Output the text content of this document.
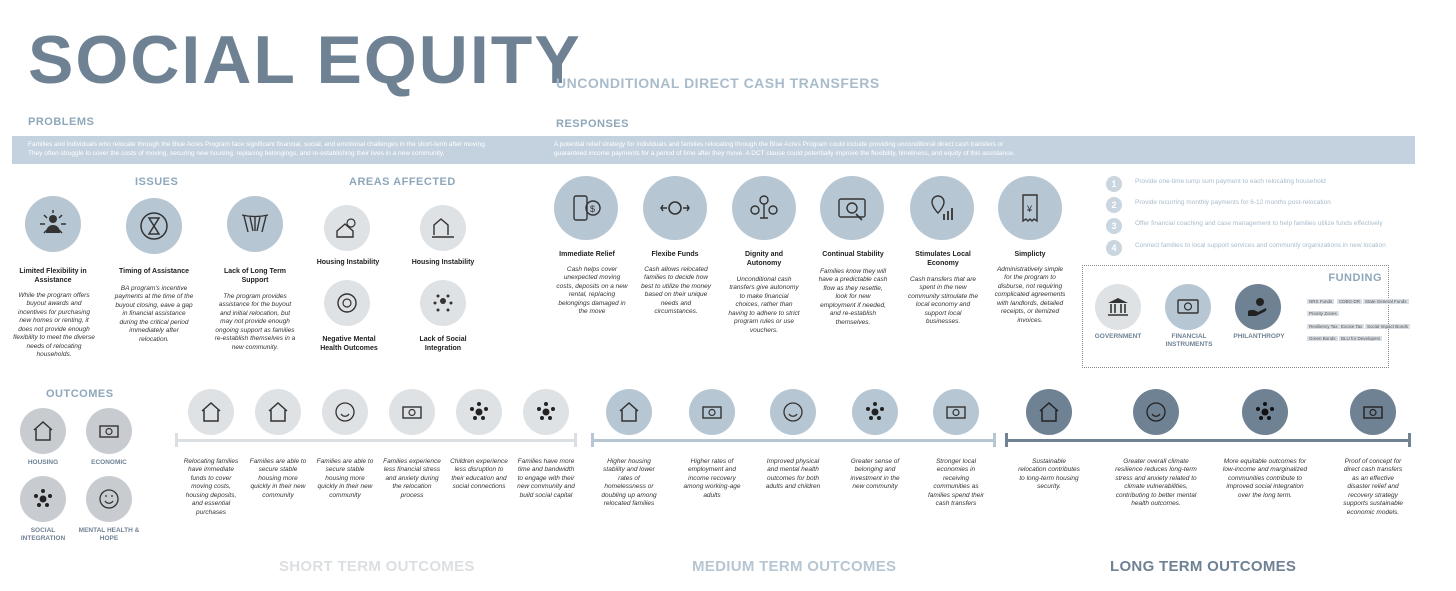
SOCIAL EQUITY
UNCONDITIONAL DIRECT CASH TRANSFERS
PROBLEMS	RESPONSES

Families and individuals who relocate through the Blue Acres Program face significant financial, social, and emotional challenges in the short-term after moving.
They often struggle to cover the costs of moving, securing new housing, replacing belongings, and re-establishing their lives in a new community.

A potential relief strategy for individuals and families relocating through the Blue Acres Program could include providing unconditional direct cash transfers or
guaranteed income payments for a period of time after they move. A DCT clause could potentially improve the flexibility, timeliness, and equity of this assistance.

ISSUES
Limited Flexibility in Assistance
While the program offers buyout awards and incentives for purchasing new homes or renting, it does not provide enough flexibility to meet the diverse needs of relocating households.
Timing of Assistance
BA program's incentive payments at the time of the buyout closing, eave a gap in financial assistance during the critical period immediately after relocation.
Lack of Long Term Support
The program provides assistance for the buyout and initial relocation, but may not provide enough ongoing support as families re-establish themselves in a new community.
AREAS AFFECTED
Housing Instability	Housing Instability
Negative Mental Health Outcomes
Lack of Social Integration
$
Immediate Relief
Cash helps cover unexpected moving costs, deposits on a new rental, replacing belongings damaged in the move
Flexibe Funds
Cash allows relocated families to decide how best to utilize the money based on their unique needs and circumstances.
Dignity and Autonomy
Unconditional cash transfers give autonomy to make financial choices, rather than having to adhere to strict program rules or use vouchers.
Continual Stability
Families know they will have a predictable cash flow as they resettle, look for new employment if needed, and re-establish themselves.
Stimulates Local Economy
Cash transfers that are spent in the new community stimulate the local economy and support local businesses.
¥
Simplicty
Administratively simple for the program to disburse, not requiring complicated agreements with landlords, detailed receipts, or itemized invoices.
1	Provide one-time lump sum payment to each relocating household
2	Provide recurring monthly payments for 6-12 months post-relocation
3	Offer financial coaching and case management to help families utilize funds effectively
4	Connect families to local support services and community organizations in new location
FUNDING
GOVERNMENT	FINANCIAL INSTRUMENTS
PHILANTHROPY
NRS Funds	CDBG-DR	State General Funds
Priority Zones
Resiliency Tax Excise Tax	Social Impact Bonds
Green Bonds	BLU for Developers
OUTCOMES
HOUSING	ECONOMIC
SOCIAL INTEGRATION
MENTAL HEALTH & HOPE
Relocating families have immediate funds to cover moving costs, housing deposits, and essential purchases
Families are able to secure stable housing more quickly in their new community
Families are able to secure stable housing more quickly in their new community
Families experience less financial stress and anxiety during the relocation process
Children experience less disruption to their education and social connections
Families have more time and bandwidth to engage with their new community and build social capital
Higher housing stability and lower rates of homelessness or doubling up among relocated families
Higher rates of employment and income recovery among working-age adults
Improved physical and mental health outcomes for both adults and children
Greater sense of belonging and investment in the new community
Stronger local economies in receiving communities as families spend their cash transfers
Sustainable relocation contributes to long-term housing security.
Greater overall climate resilience reduces long-term stress and anxiety related to climate vulnerabilities, contributing to better mental health outcomes.
More equitable outcomes for low-income and marginalized communities contribute to improved social integration over the long term.
Proof of concept for direct cash transfers as an effective disaster relief and recovery strategy supports sustainable economic models.
SHORT TERM OUTCOMES	MEDIUM TERM OUTCOMES	LONG TERM OUTCOMES
